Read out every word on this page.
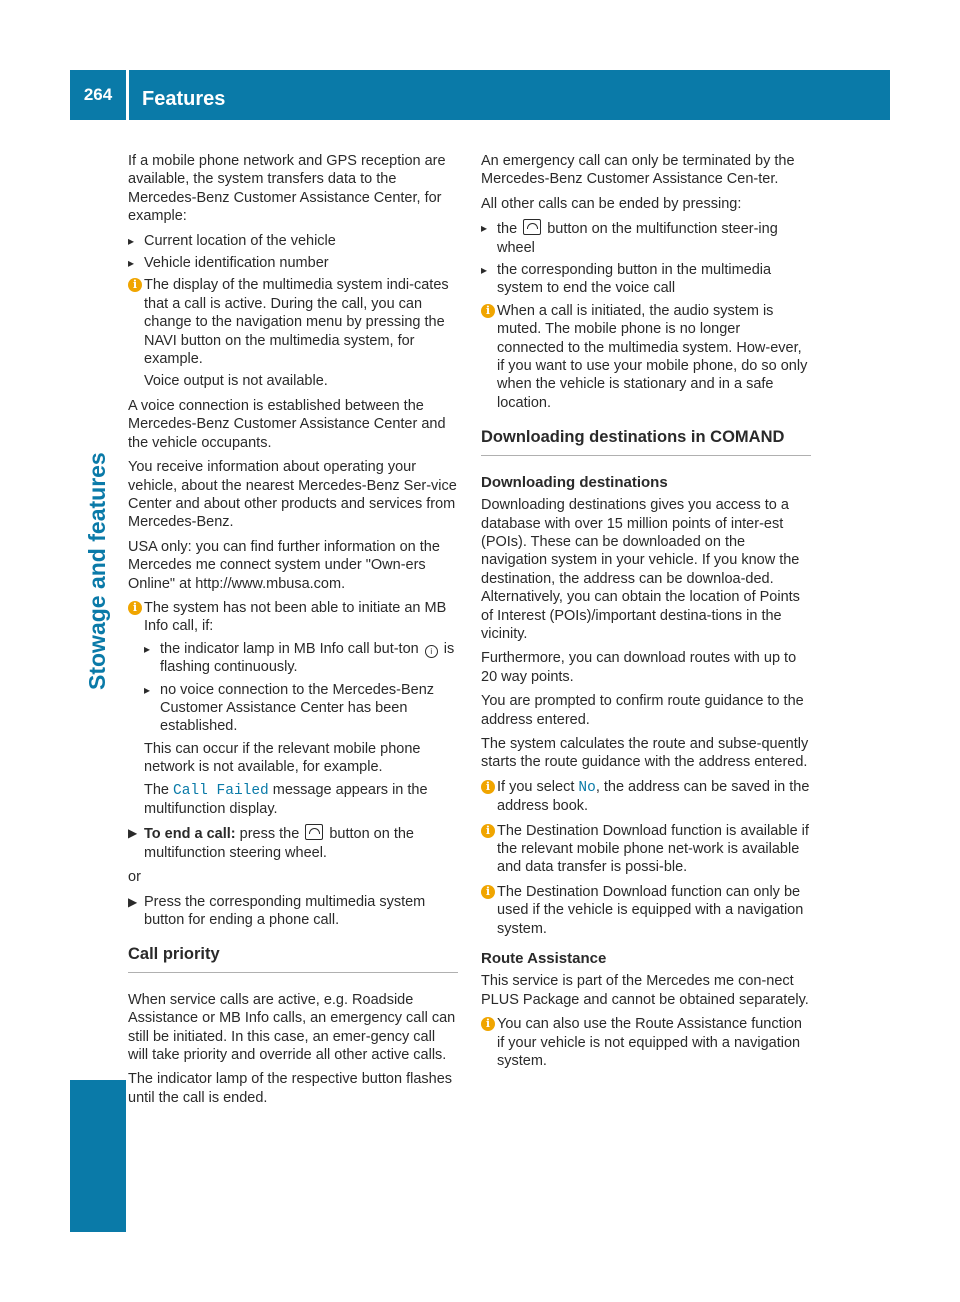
264	Features
Stowage and features

If a mobile phone network and GPS reception are available, the system transfers data to the Mercedes-Benz Customer Assistance Center, for example:

▸ Current location of the vehicle
▸ Vehicle identification number
i The display of the multimedia system indi-cates that a call is active. During the call, you can change to the navigation menu by pressing the NAVI button on the multimedia system, for example.

Voice output is not available.

A voice connection is established between the Mercedes-Benz Customer Assistance Center and the vehicle occupants.

You receive information about operating your vehicle, about the nearest Mercedes-Benz Ser-vice Center and about other products and services from Mercedes-Benz.

USA only: you can find further information on the Mercedes me connect system under "Own-ers Online" at http://www.mbusa.com.

i The system has not been able to initiate an MB Info call, if:

▸ the indicator lamp in MB Info call but-ton i is flashing continuously.
▸ no voice connection to the Mercedes-Benz Customer Assistance Center has been established.

This can occur if the relevant mobile phone network is not available, for example.

The Call Failed message appears in the multifunction display.

▶ To end a call: press the button on the multifunction steering wheel.

or

▶ Press the corresponding multimedia system button for ending a phone call.
Call priority

When service calls are active, e.g. Roadside Assistance or MB Info calls, an emergency call can still be initiated. In this case, an emer-gency call will take priority and override all other active calls.

The indicator lamp of the respective button flashes until the call is ended.

An emergency call can only be terminated by the Mercedes-Benz Customer Assistance Cen-ter.

All other calls can be ended by pressing:

▸ the button on the multifunction steer-ing wheel
▸ the corresponding button in the multimedia system to end the voice call
i When a call is initiated, the audio system is muted. The mobile phone is no longer connected to the multimedia system. How-ever, if you want to use your mobile phone, do so only when the vehicle is stationary and in a safe location.

Downloading destinations in COMAND
Downloading destinations

Downloading destinations gives you access to a database with over 15 million points of inter-est (POIs). These can be downloaded on the navigation system in your vehicle. If you know the destination, the address can be downloa-ded. Alternatively, you can obtain the location of Points of Interest (POIs)/important destina-tions in the vicinity.

Furthermore, you can download routes with up to 20 way points.

You are prompted to confirm route guidance to the address entered.

The system calculates the route and subse-quently starts the route guidance with the address entered.

i If you select No, the address can be saved in the address book.

i The Destination Download function is available if the relevant mobile phone net-work is available and data transfer is possi-ble.

i The Destination Download function can only be used if the vehicle is equipped with a navigation system.

Route Assistance

This service is part of the Mercedes me con-nect PLUS Package and cannot be obtained separately.

i You can also use the Route Assistance function if your vehicle is not equipped with a navigation system.
